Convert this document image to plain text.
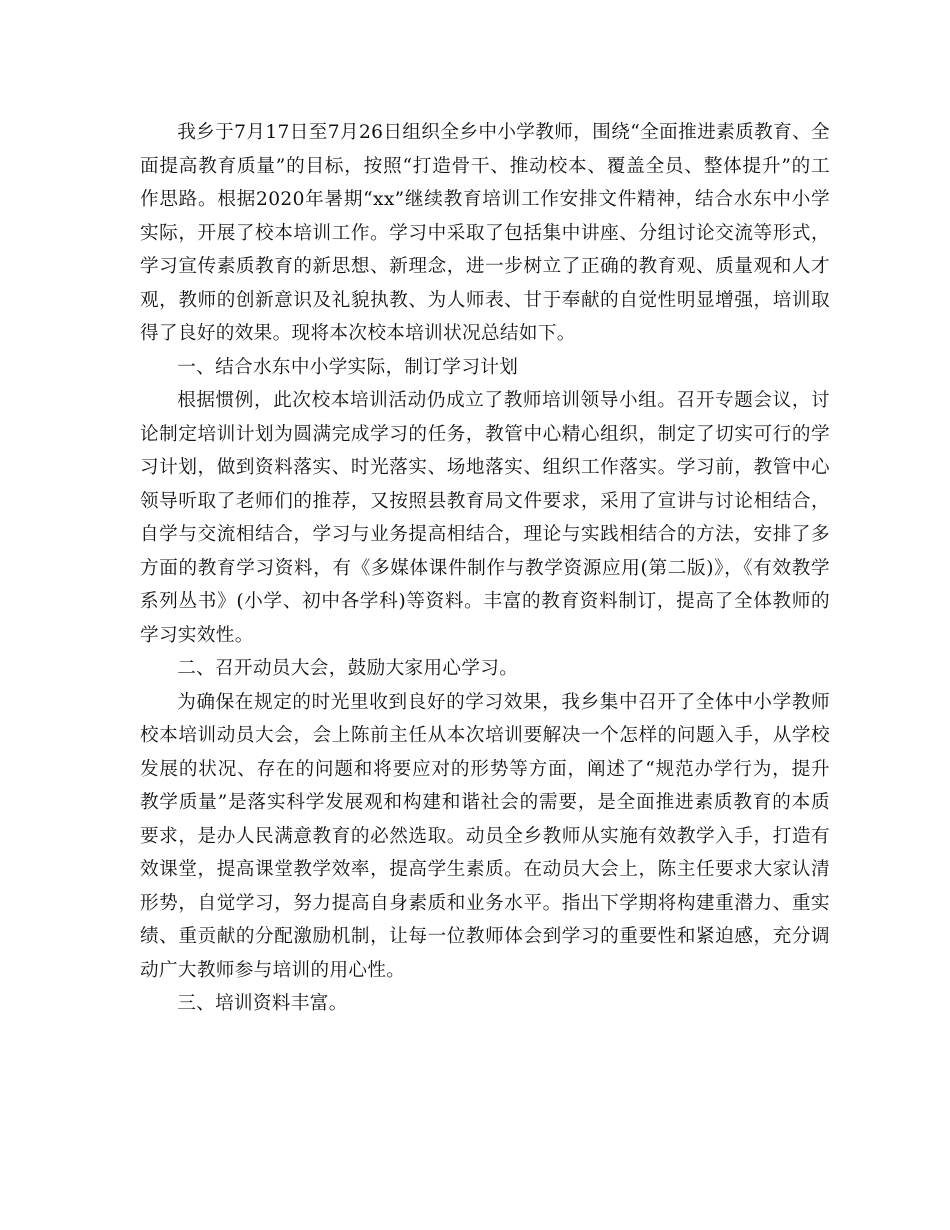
我乡于7月17日至7月26日组织全乡中小学教师，围绕“全面推进素质教育、全面提高教育质量”的目标，按照“打造骨干、推动校本、覆盖全员、整体提升”的工作思路。根据2020年暑期“xx”继续教育培训工作安排文件精神，结合水东中小学实际，开展了校本培训工作。学习中采取了包括集中讲座、分组讨论交流等形式，学习宣传素质教育的新思想、新理念，进一步树立了正确的教育观、质量观和人才观，教师的创新意识及礼貌执教、为人师表、甘于奉献的自觉性明显增强，培训取得了良好的效果。现将本次校本培训状况总结如下。

一、结合水东中小学实际，制订学习计划

根据惯例，此次校本培训活动仍成立了教师培训领导小组。召开专题会议，讨论制定培训计划为圆满完成学习的任务，教管中心精心组织，制定了切实可行的学习计划，做到资料落实、时光落实、场地落实、组织工作落实。学习前，教管中心领导听取了老师们的推荐，又按照县教育局文件要求，采用了宣讲与讨论相结合，自学与交流相结合，学习与业务提高相结合，理论与实践相结合的方法，安排了多方面的教育学习资料，有《多媒体课件制作与教学资源应用(第二版)》，《有效教学系列丛书》(小学、初中各学科)等资料。丰富的教育资料制订，提高了全体教师的学习实效性。

二、召开动员大会，鼓励大家用心学习。

为确保在规定的时光里收到良好的学习效果，我乡集中召开了全体中小学教师校本培训动员大会，会上陈前主任从本次培训要解决一个怎样的问题入手，从学校发展的状况、存在的问题和将要应对的形势等方面，阐述了“规范办学行为，提升教学质量”是落实科学发展观和构建和谐社会的需要，是全面推进素质教育的本质要求，是办人民满意教育的必然选取。动员全乡教师从实施有效教学入手，打造有效课堂，提高课堂教学效率，提高学生素质。在动员大会上，陈主任要求大家认清形势，自觉学习，努力提高自身素质和业务水平。指出下学期将构建重潜力、重实绩、重贡献的分配激励机制，让每一位教师体会到学习的重要性和紧迫感，充分调动广大教师参与培训的用心性。

三、培训资料丰富。
